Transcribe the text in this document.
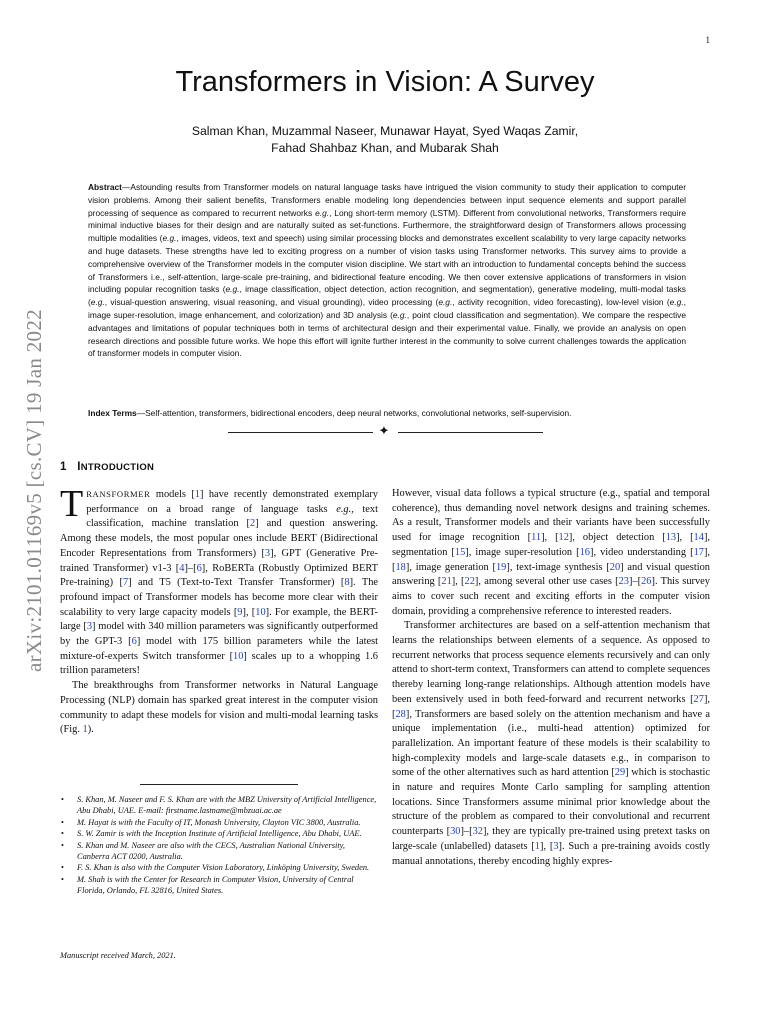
1
arXiv:2101.01169v5 [cs.CV] 19 Jan 2022
Transformers in Vision: A Survey
Salman Khan, Muzammal Naseer, Munawar Hayat, Syed Waqas Zamir,
Fahad Shahbaz Khan, and Mubarak Shah

Abstract—Astounding results from Transformer models on natural language tasks have intrigued the vision community to study their application to computer vision problems. Among their salient benefits, Transformers enable modeling long dependencies between input sequence elements and support parallel processing of sequence as compared to recurrent networks e.g., Long short-term memory (LSTM). Different from convolutional networks, Transformers require minimal inductive biases for their design and are naturally suited as set-functions. Furthermore, the straightforward design of Transformers allows processing multiple modalities (e.g., images, videos, text and speech) using similar processing blocks and demonstrates excellent scalability to very large capacity networks and huge datasets. These strengths have led to exciting progress on a number of vision tasks using Transformer networks. This survey aims to provide a comprehensive overview of the Transformer models in the computer vision discipline. We start with an introduction to fundamental concepts behind the success of Transformers i.e., self-attention, large-scale pre-training, and bidirectional feature encoding. We then cover extensive applications of transformers in vision including popular recognition tasks (e.g., image classification, object detection, action recognition, and segmentation), generative modeling, multi-modal tasks (e.g., visual-question answering, visual reasoning, and visual grounding), video processing (e.g., activity recognition, video forecasting), low-level vision (e.g., image super-resolution, image enhancement, and colorization) and 3D analysis (e.g., point cloud classification and segmentation). We compare the respective advantages and limitations of popular techniques both in terms of architectural design and their experimental value. Finally, we provide an analysis on open research directions and possible future works. We hope this effort will ignite further interest in the community to solve current challenges towards the application of transformer models in computer vision.

Index Terms—Self-attention, transformers, bidirectional encoders, deep neural networks, convolutional networks, self-supervision.

✦
1 INTRODUCTION

TRANSFORMER models [1] have recently demonstrated exemplary performance on a broad range of language tasks e.g., text classification, machine translation [2] and question answering. Among these models, the most popular ones include BERT (Bidirectional Encoder Representations from Transformers) [3], GPT (Generative Pre-trained Transformer) v1-3 [4]–[6], RoBERTa (Robustly Optimized BERT Pre-training) [7] and T5 (Text-to-Text Transfer Transformer) [8]. The profound impact of Transformer models has become more clear with their scalability to very large capacity models [9], [10]. For example, the BERT-large [3] model with 340 million parameters was significantly outperformed by the GPT-3 [6] model with 175 billion parameters while the latest mixture-of-experts Switch transformer [10] scales up to a whopping 1.6 trillion parameters!

The breakthroughs from Transformer networks in Natural Language Processing (NLP) domain has sparked great interest in the computer vision community to adapt these models for vision and multi-modal learning tasks (Fig. 1).

• S. Khan, M. Naseer and F. S. Khan are with the MBZ University of Artificial Intelligence, Abu Dhabi, UAE. E-mail: firstname.lastname@mbzuai.ac.ae
• M. Hayat is with the Faculty of IT, Monash University, Clayton VIC 3800, Australia.
• S. W. Zamir is with the Inception Institute of Artificial Intelligence, Abu Dhabi, UAE.
• S. Khan and M. Naseer are also with the CECS, Australian National University, Canberra ACT 0200, Australia.
• F. S. Khan is also with the Computer Vision Laboratory, Linköping University, Sweden.
• M. Shah is with the Center for Research in Computer Vision, University of Central Florida, Orlando, FL 32816, United States.
Manuscript received March, 2021.

However, visual data follows a typical structure (e.g., spatial and temporal coherence), thus demanding novel network designs and training schemes. As a result, Transformer models and their variants have been successfully used for image recognition [11], [12], object detection [13], [14], segmentation [15], image super-resolution [16], video understanding [17], [18], image generation [19], text-image synthesis [20] and visual question answering [21], [22], among several other use cases [23]–[26]. This survey aims to cover such recent and exciting efforts in the computer vision domain, providing a comprehensive reference to interested readers.

Transformer architectures are based on a self-attention mechanism that learns the relationships between elements of a sequence. As opposed to recurrent networks that process sequence elements recursively and can only attend to short-term context, Transformers can attend to complete sequences thereby learning long-range relationships. Although attention models have been extensively used in both feed-forward and recurrent networks [27], [28], Transformers are based solely on the attention mechanism and have a unique implementation (i.e., multi-head attention) optimized for parallelization. An important feature of these models is their scalability to high-complexity models and large-scale datasets e.g., in comparison to some of the other alternatives such as hard attention [29] which is stochastic in nature and requires Monte Carlo sampling for sampling attention locations. Since Transformers assume minimal prior knowledge about the structure of the problem as compared to their convolutional and recurrent counterparts [30]–[32], they are typically pre-trained using pretext tasks on large-scale (unlabelled) datasets [1], [3]. Such a pre-training avoids costly manual annotations, thereby encoding highly expres-
